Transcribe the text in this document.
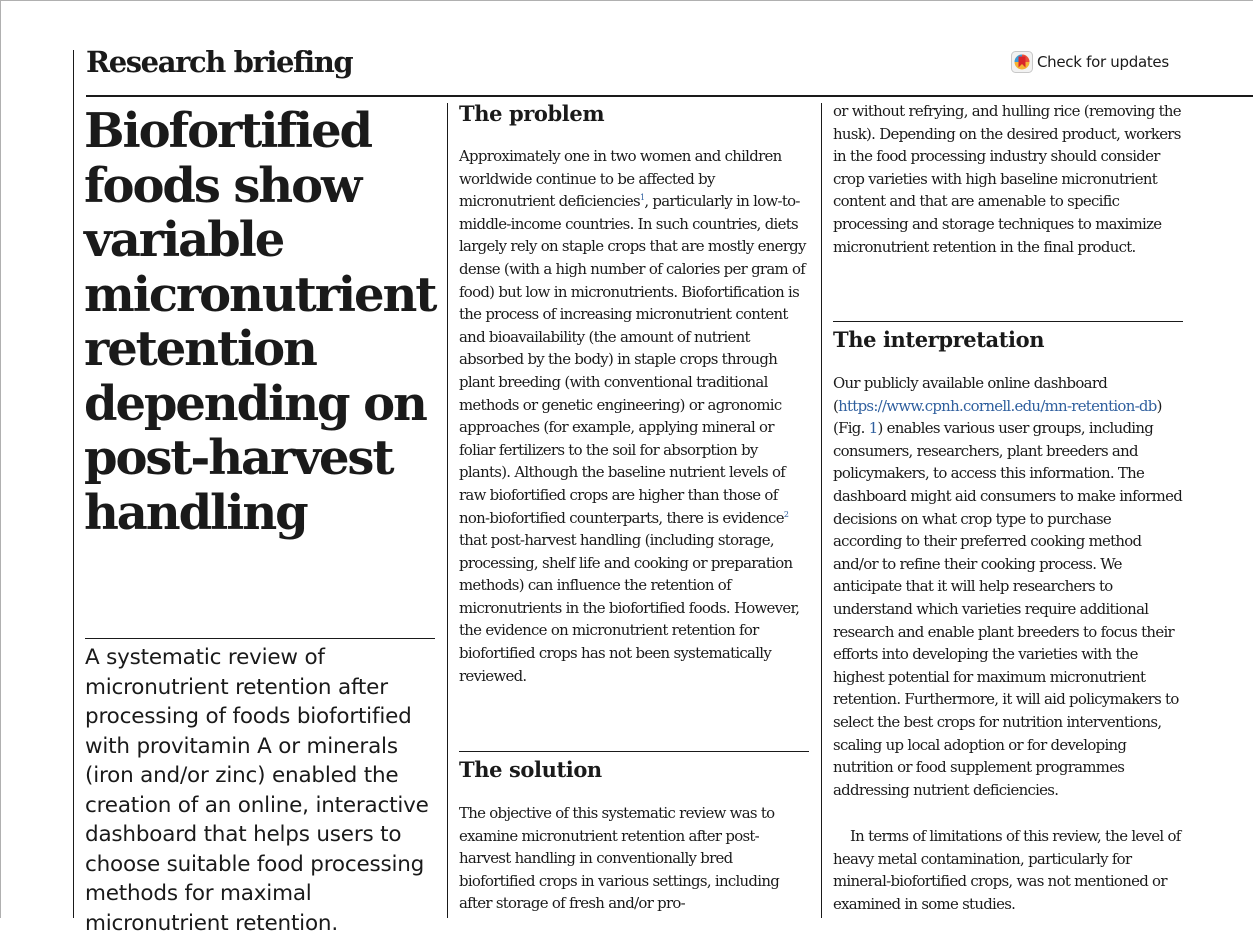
Research briefing	Check for updates
Biofortified foods show variable micronutrient retention depending on post-harvest handling

A systematic review of micronutrient retention after processing of foods biofortified with provitamin A or minerals (iron and/or zinc) enabled the creation of an online, interactive dashboard that helps users to choose suitable food processing methods for maximal micronutrient retention.

The problem

Approximately one in two women and children worldwide continue to be affected by micronutrient deficiencies$^1$, particularly in low-to-middle-income countries. In such countries, diets largely rely on staple crops that are mostly energy dense (with a high number of calories per gram of food) but low in micronutrients. Biofortification is the process of increasing micronutrient content and bioavailability (the amount of nutrient absorbed by the body) in staple crops through plant breeding (with conventional traditional methods or genetic engineering) or agronomic approaches (for example, applying mineral or foliar fertilizers to the soil for absorption by plants). Although the baseline nutrient levels of raw biofortified crops are higher than those of non-biofortified counterparts, there is evidence$^2$ that post-harvest handling (including storage, processing, shelf life and cooking or preparation methods) can influence the retention of micronutrients in the biofortified foods. However, the evidence on micronutrient retention for biofortified crops has not been systematically reviewed.

The solution

The objective of this systematic review was to examine micronutrient retention after post-harvest handling in conventionally bred biofortified crops in various settings, including after storage of fresh and/or pro-

or without refrying, and hulling rice (removing the husk). Depending on the desired product, workers in the food processing industry should consider crop varieties with high baseline micronutrient content and that are amenable to specific processing and storage techniques to maximize micronutrient retention in the final product.

The interpretation

Our publicly available online dashboard (https://www.cpnh.cornell.edu/mn-retention-db) (Fig. 1) enables various user groups, including consumers, researchers, plant breeders and policymakers, to access this information. The dashboard might aid consumers to make informed decisions on what crop type to purchase according to their preferred cooking method and/or to refine their cooking process. We anticipate that it will help researchers to understand which varieties require additional research and enable plant breeders to focus their efforts into developing the varieties with the highest potential for maximum micronutrient retention. Furthermore, it will aid policymakers to select the best crops for nutrition interventions, scaling up local adoption or for developing nutrition or food supplement programmes addressing nutrient deficiencies.

In terms of limitations of this review, the level of heavy metal contamination, particularly for mineral-biofortified crops, was not mentioned or examined in some studies.
